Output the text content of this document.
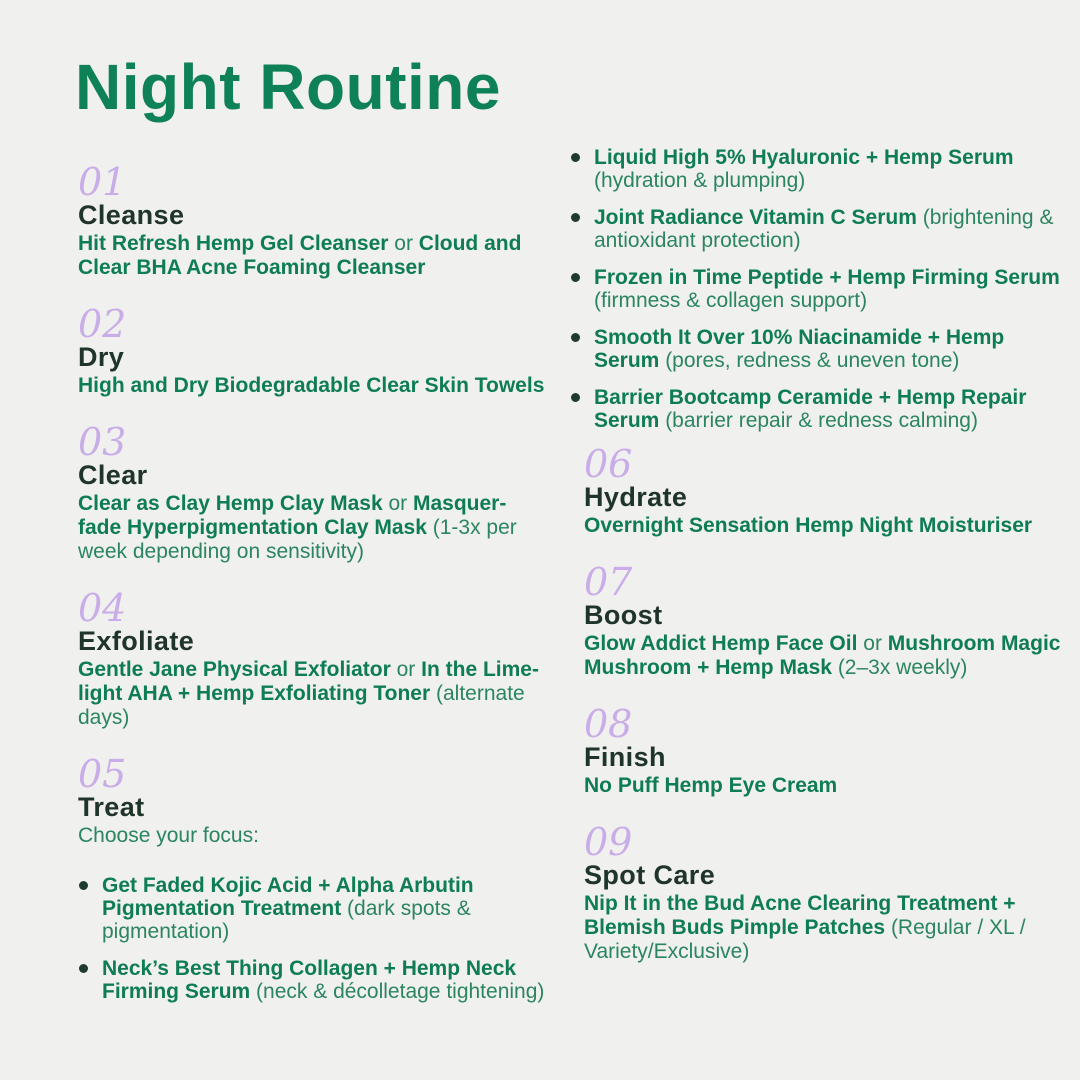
Night Routine
01
Cleanse

Hit Refresh Hemp Gel Cleanser or Cloud and Clear BHA Acne Foaming Cleanser

02
Dry

High and Dry Biodegradable Clear Skin Towels

03
Clear

Clear as Clay Hemp Clay Mask or Masquer-fade Hyperpigmentation Clay Mask (1-3x per week depending on sensitivity)

04
Exfoliate

Gentle Jane Physical Exfoliator or In the Lime-light AHA + Hemp Exfoliating Toner (alternate days)

05
Treat

Choose your focus:

Get Faded Kojic Acid + Alpha Arbutin Pigmentation Treatment (dark spots & pigmentation)
Neck’s Best Thing Collagen + Hemp Neck Firming Serum (neck & décolletage tightening)
Liquid High 5% Hyaluronic + Hemp Serum (hydration & plumping)
Joint Radiance Vitamin C Serum (brightening & antioxidant protection)
Frozen in Time Peptide + Hemp Firming Serum (firmness & collagen support)
Smooth It Over 10% Niacinamide + Hemp Serum (pores, redness & uneven tone)
Barrier Bootcamp Ceramide + Hemp Repair Serum (barrier repair & redness calming)
06
Hydrate

Overnight Sensation Hemp Night Moisturiser

07
Boost

Glow Addict Hemp Face Oil or Mushroom Magic Mushroom + Hemp Mask (2–3x weekly)

08
Finish

No Puff Hemp Eye Cream

09
Spot Care

Nip It in the Bud Acne Clearing Treatment + Blemish Buds Pimple Patches (Regular / XL / Variety/Exclusive)
